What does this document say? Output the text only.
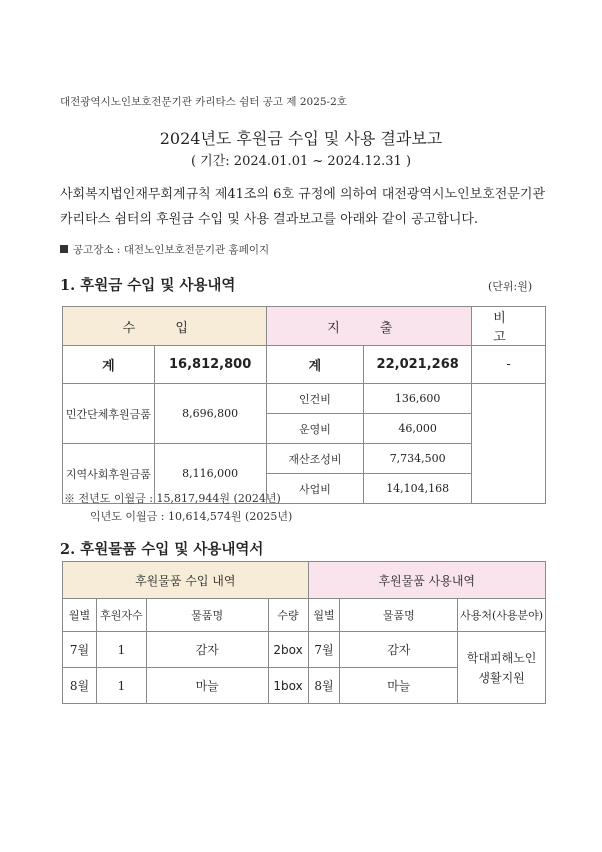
대전광역시노인보호전문기관 카리타스 쉼터 공고 제 2025-2호
2024년도 후원금 수입 및 사용 결과보고
( 기간: 2024.01.01 ~ 2024.12.31 )
사회복지법인재무회계규칙 제41조의 6호 규정에 의하여 대전광역시노인보호전문기관 카리타스 쉼터의 후원금 수입 및 사용 결과보고를 아래와 같이 공고합니다.
공고장소 : 대전노인보호전문기관 홈페이지
1. 후원금 수입 및 사용내역	(단위:원)
수 입		지 출		비 고
계	16,812,800	계	22,021,268	-
민간단체후원금품	8,696,800	인건비	136,600	
		운영비	46,000	
지역사회후원금품	8,116,000	재산조성비	7,734,500	
		사업비	14,104,168	
※ 전년도 이월금 : 15,817,944원 (2024년)
익년도 이월금 : 10,614,574원 (2025년)
2. 후원물품 수입 및 사용내역서
후원물품 수입 내역				후원물품 사용내역		
월별	후원자수	물품명	수량	월별	물품명	사용처(사용분야)
7월	1	감자	2box	7월	감자	학대피해노인
생활지원

8월	1	마늘	1box	8월	마늘	
